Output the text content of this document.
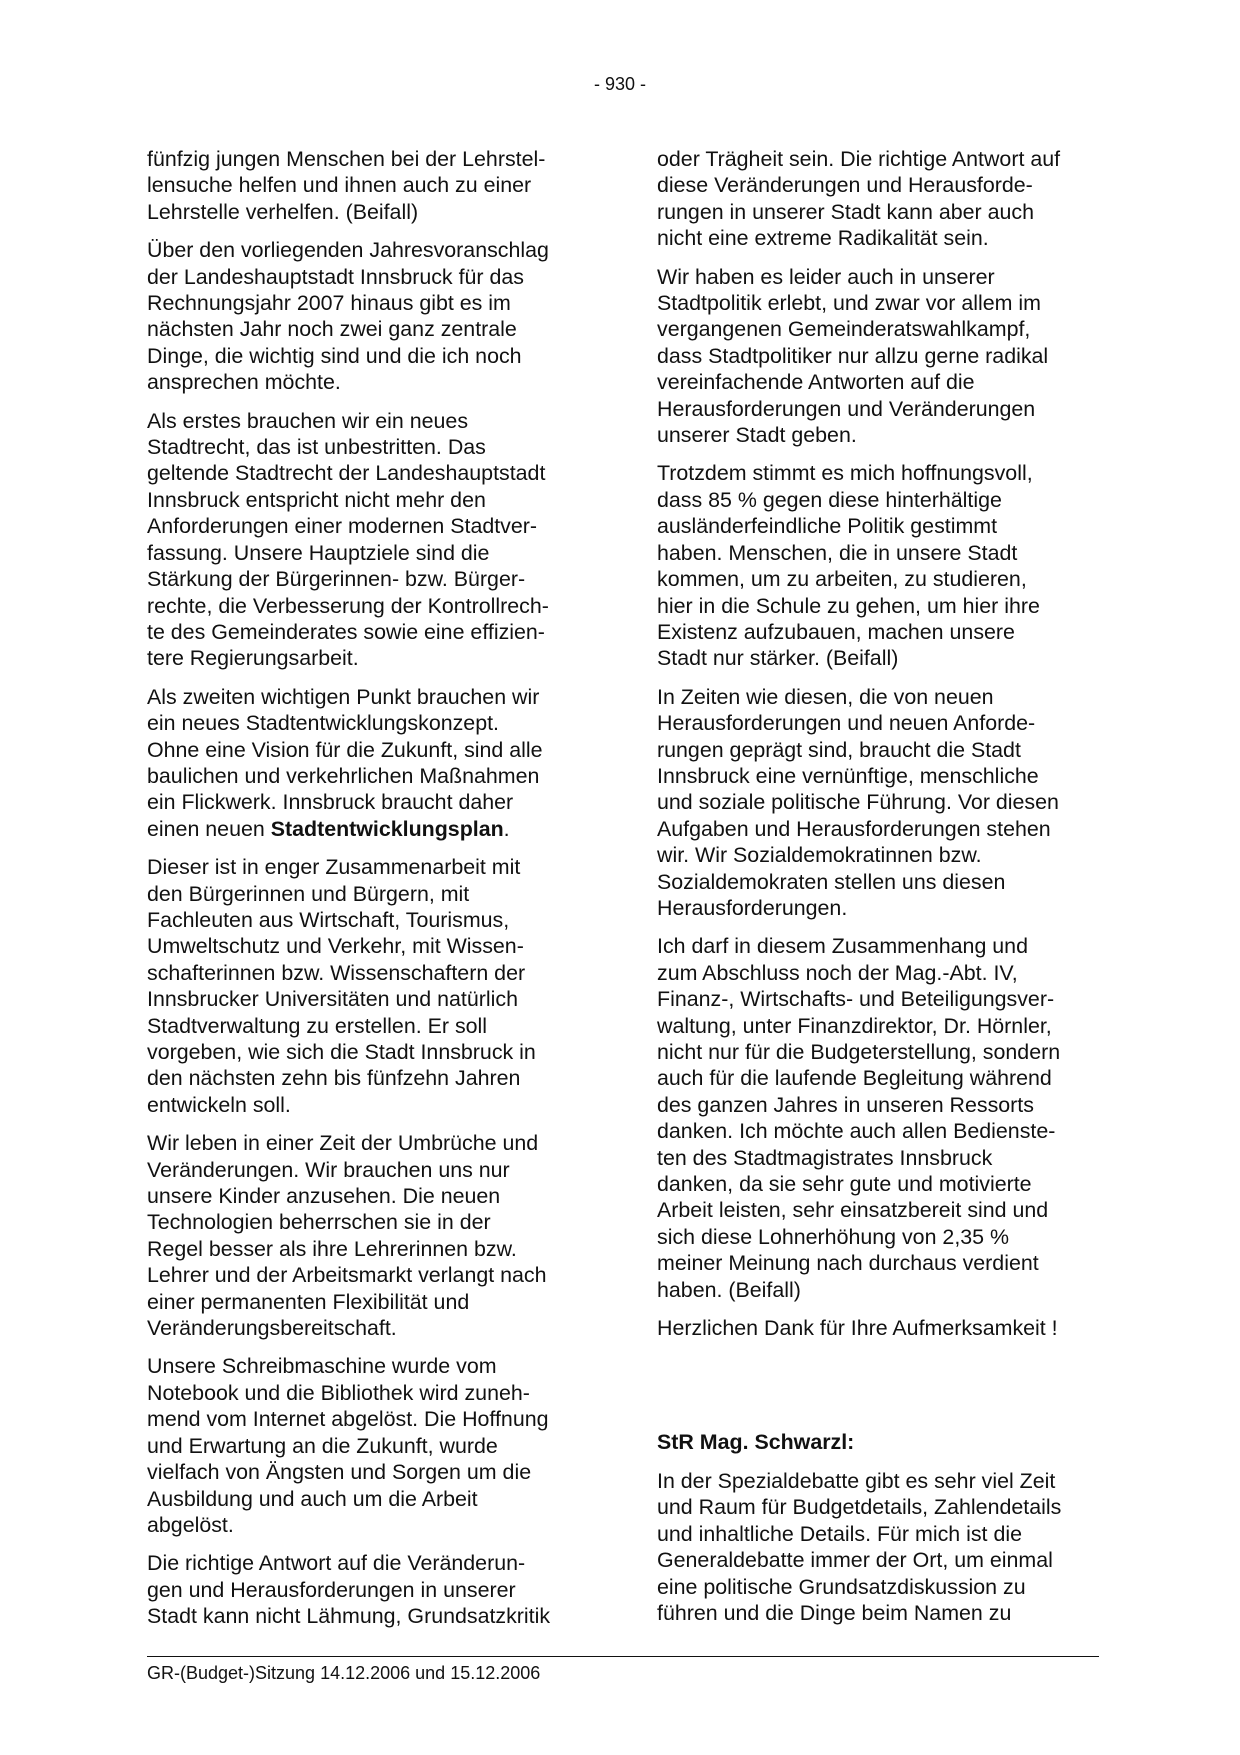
- 930 -

fünfzig jungen Menschen bei der Lehrstel-
lensuche helfen und ihnen auch zu einer
Lehrstelle verhelfen. (Beifall)

Über den vorliegenden Jahresvoranschlag
der Landeshauptstadt Innsbruck für das
Rechnungsjahr 2007 hinaus gibt es im
nächsten Jahr noch zwei ganz zentrale
Dinge, die wichtig sind und die ich noch
ansprechen möchte.

Als erstes brauchen wir ein neues
Stadtrecht, das ist unbestritten. Das
geltende Stadtrecht der Landeshauptstadt
Innsbruck entspricht nicht mehr den
Anforderungen einer modernen Stadtver-
fassung. Unsere Hauptziele sind die
Stärkung der Bürgerinnen- bzw. Bürger-
rechte, die Verbesserung der Kontrollrech-
te des Gemeinderates sowie eine effizien-
tere Regierungsarbeit.

Als zweiten wichtigen Punkt brauchen wir
ein neues Stadtentwicklungskonzept.
Ohne eine Vision für die Zukunft, sind alle
baulichen und verkehrlichen Maßnahmen
ein Flickwerk. Innsbruck braucht daher
einen neuen Stadtentwicklungsplan.

Dieser ist in enger Zusammenarbeit mit
den Bürgerinnen und Bürgern, mit
Fachleuten aus Wirtschaft, Tourismus,
Umweltschutz und Verkehr, mit Wissen-
schafterinnen bzw. Wissenschaftern der
Innsbrucker Universitäten und natürlich
Stadtverwaltung zu erstellen. Er soll
vorgeben, wie sich die Stadt Innsbruck in
den nächsten zehn bis fünfzehn Jahren
entwickeln soll.

Wir leben in einer Zeit der Umbrüche und
Veränderungen. Wir brauchen uns nur
unsere Kinder anzusehen. Die neuen
Technologien beherrschen sie in der
Regel besser als ihre Lehrerinnen bzw.
Lehrer und der Arbeitsmarkt verlangt nach
einer permanenten Flexibilität und
Veränderungsbereitschaft.

Unsere Schreibmaschine wurde vom
Notebook und die Bibliothek wird zuneh-
mend vom Internet abgelöst. Die Hoffnung
und Erwartung an die Zukunft, wurde
vielfach von Ängsten und Sorgen um die
Ausbildung und auch um die Arbeit
abgelöst.

Die richtige Antwort auf die Veränderun-
gen und Herausforderungen in unserer
Stadt kann nicht Lähmung, Grundsatzkritik

oder Trägheit sein. Die richtige Antwort auf
diese Veränderungen und Herausforde-
rungen in unserer Stadt kann aber auch
nicht eine extreme Radikalität sein.

Wir haben es leider auch in unserer
Stadtpolitik erlebt, und zwar vor allem im
vergangenen Gemeinderatswahlkampf,
dass Stadtpolitiker nur allzu gerne radikal
vereinfachende Antworten auf die
Herausforderungen und Veränderungen
unserer Stadt geben.

Trotzdem stimmt es mich hoffnungsvoll,
dass 85 % gegen diese hinterhältige
ausländerfeindliche Politik gestimmt
haben. Menschen, die in unsere Stadt
kommen, um zu arbeiten, zu studieren,
hier in die Schule zu gehen, um hier ihre
Existenz aufzubauen, machen unsere
Stadt nur stärker. (Beifall)

In Zeiten wie diesen, die von neuen
Herausforderungen und neuen Anforde-
rungen geprägt sind, braucht die Stadt
Innsbruck eine vernünftige, menschliche
und soziale politische Führung. Vor diesen
Aufgaben und Herausforderungen stehen
wir. Wir Sozialdemokratinnen bzw.
Sozialdemokraten stellen uns diesen
Herausforderungen.

Ich darf in diesem Zusammenhang und
zum Abschluss noch der Mag.-Abt. IV,
Finanz-, Wirtschafts- und Beteiligungsver-
waltung, unter Finanzdirektor, Dr. Hörnler,
nicht nur für die Budgeterstellung, sondern
auch für die laufende Begleitung während
des ganzen Jahres in unseren Ressorts
danken. Ich möchte auch allen Bedienste-
ten des Stadtmagistrates Innsbruck
danken, da sie sehr gute und motivierte
Arbeit leisten, sehr einsatzbereit sind und
sich diese Lohnerhöhung von 2,35 %
meiner Meinung nach durchaus verdient
haben. (Beifall)

Herzlichen Dank für Ihre Aufmerksamkeit !

StR Mag. Schwarzl:

In der Spezialdebatte gibt es sehr viel Zeit
und Raum für Budgetdetails, Zahlendetails
und inhaltliche Details. Für mich ist die
Generaldebatte immer der Ort, um einmal
eine politische Grundsatzdiskussion zu
führen und die Dinge beim Namen zu

GR-(Budget-)Sitzung 14.12.2006 und 15.12.2006
